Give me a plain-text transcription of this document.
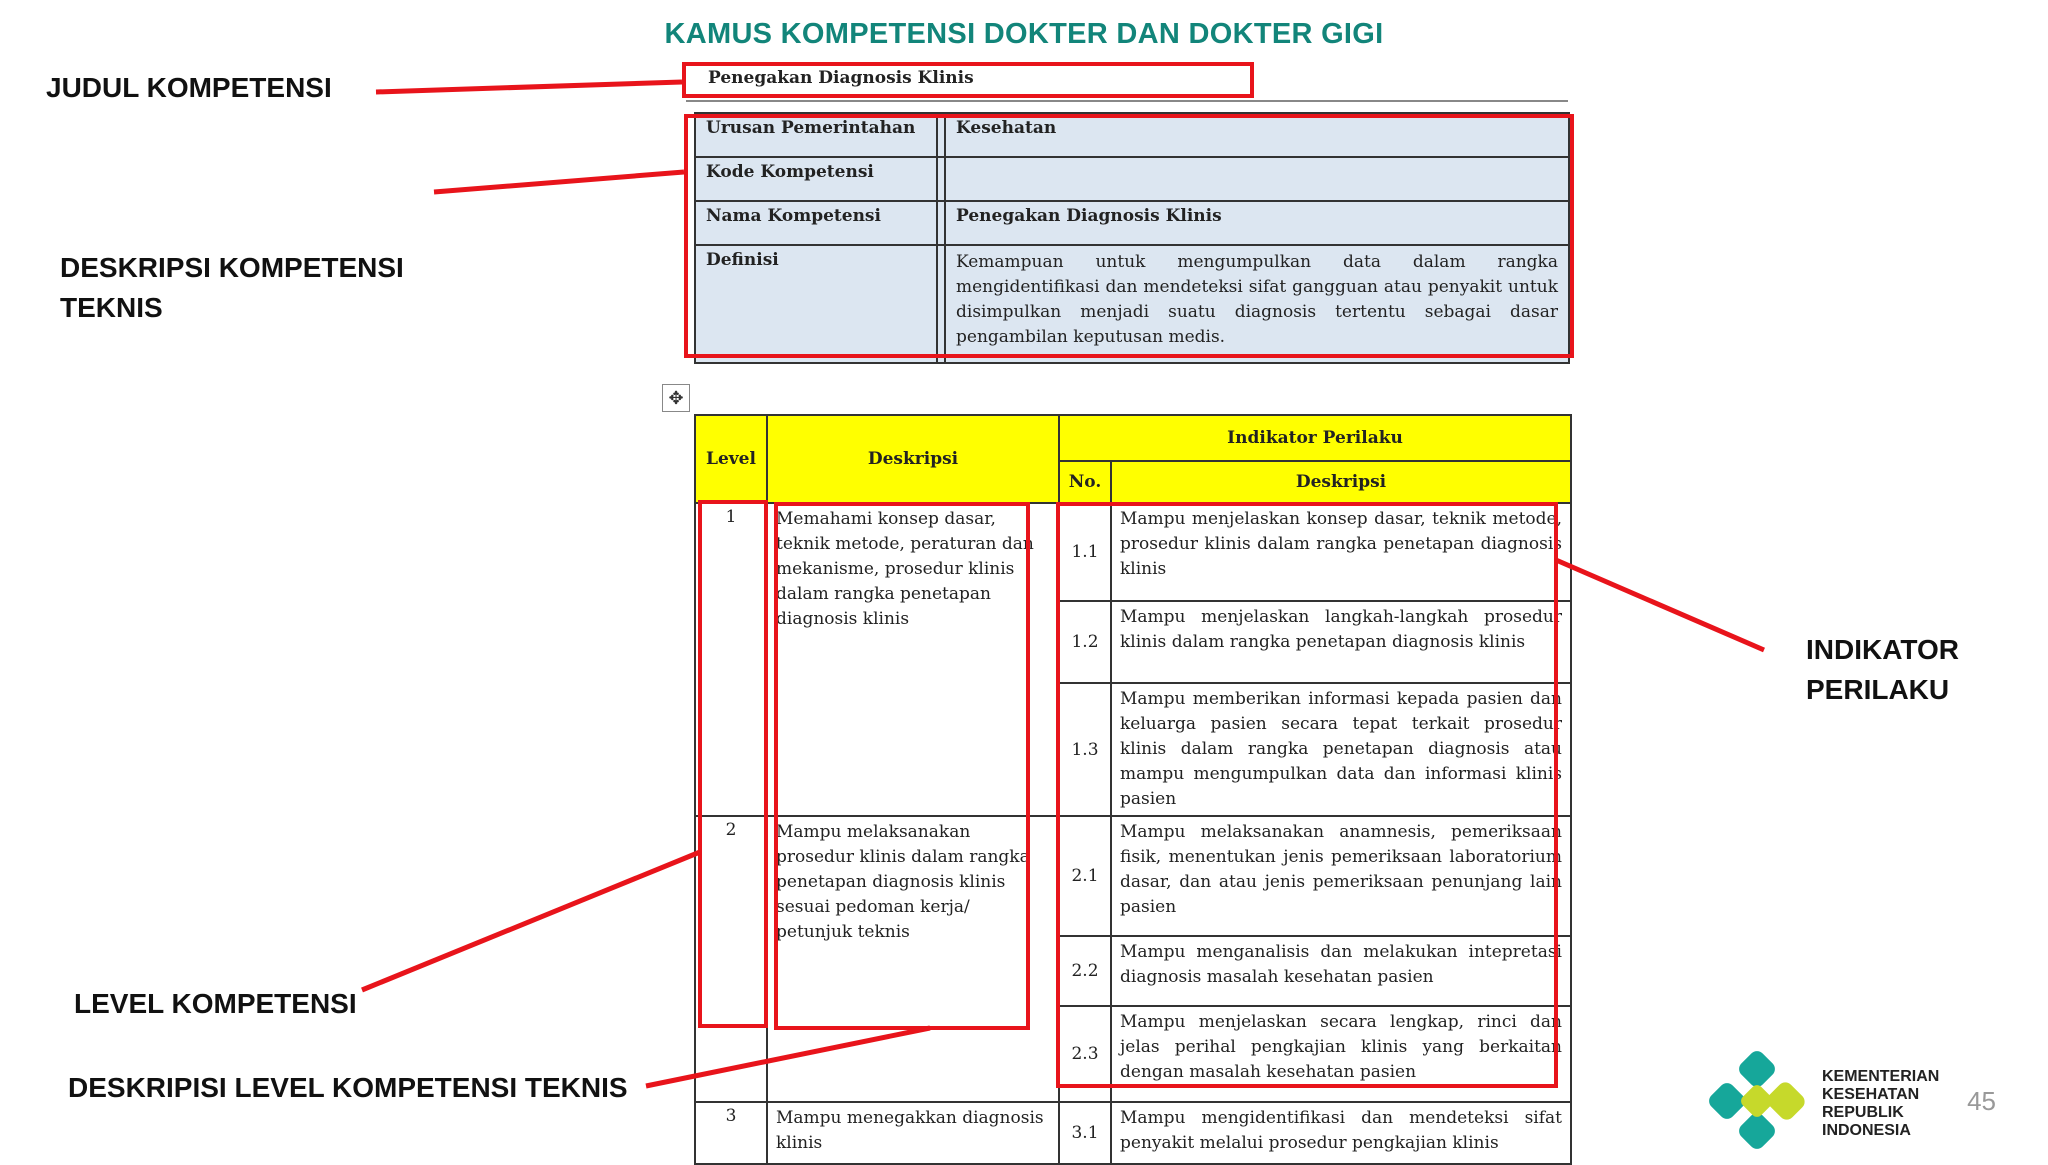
KAMUS KOMPETENSI DOKTER DAN DOKTER GIGI
JUDUL KOMPETENSI
DESKRIPSI KOMPETENSI
TEKNIS
LEVEL KOMPETENSI
DESKRIPISI LEVEL KOMPETENSI TEKNIS
INDIKATOR
PERILAKU
Penegakan Diagnosis Klinis
Urusan Pemerintahan		Kesehatan
Kode Kompetensi		
Nama Kompetensi		Penegakan Diagnosis Klinis
Definisi		Kemampuan untuk mengumpulkan data dalam rangka mengidentifikasi dan mendeteksi sifat gangguan atau penyakit untuk disimpulkan menjadi suatu diagnosis tertentu sebagai dasar pengambilan keputusan medis.
✥
Level	Deskripsi	Indikator Perilaku	
		No.	Deskripsi
1	Memahami konsep dasar, teknik metode, peraturan dan mekanisme, prosedur klinis dalam rangka penetapan diagnosis klinis	1.1	Mampu menjelaskan konsep dasar, teknik metode, prosedur klinis dalam rangka penetapan diagnosis klinis
		1.2	Mampu menjelaskan langkah-langkah prosedur klinis dalam rangka penetapan diagnosis klinis
		1.3	Mampu memberikan informasi kepada pasien dan keluarga pasien secara tepat terkait prosedur klinis dalam rangka penetapan diagnosis atau mampu mengumpulkan data dan informasi klinis pasien
2	Mampu melaksanakan prosedur klinis dalam rangka penetapan diagnosis klinis sesuai pedoman kerja/ petunjuk teknis	2.1	Mampu melaksanakan anamnesis, pemeriksaan fisik, menentukan jenis pemeriksaan laboratorium dasar, dan atau jenis pemeriksaan penunjang lain pasien
		2.2	Mampu menganalisis dan melakukan intepretasi diagnosis masalah kesehatan pasien
		2.3	Mampu menjelaskan secara lengkap, rinci dan jelas perihal pengkajian klinis yang berkaitan dengan masalah kesehatan pasien
3	Mampu menegakkan diagnosis klinis	3.1	Mampu mengidentifikasi dan mendeteksi sifat penyakit melalui prosedur pengkajian klinis
KEMENTERIAN
KESEHATAN
REPUBLIK
INDONESIA
45
